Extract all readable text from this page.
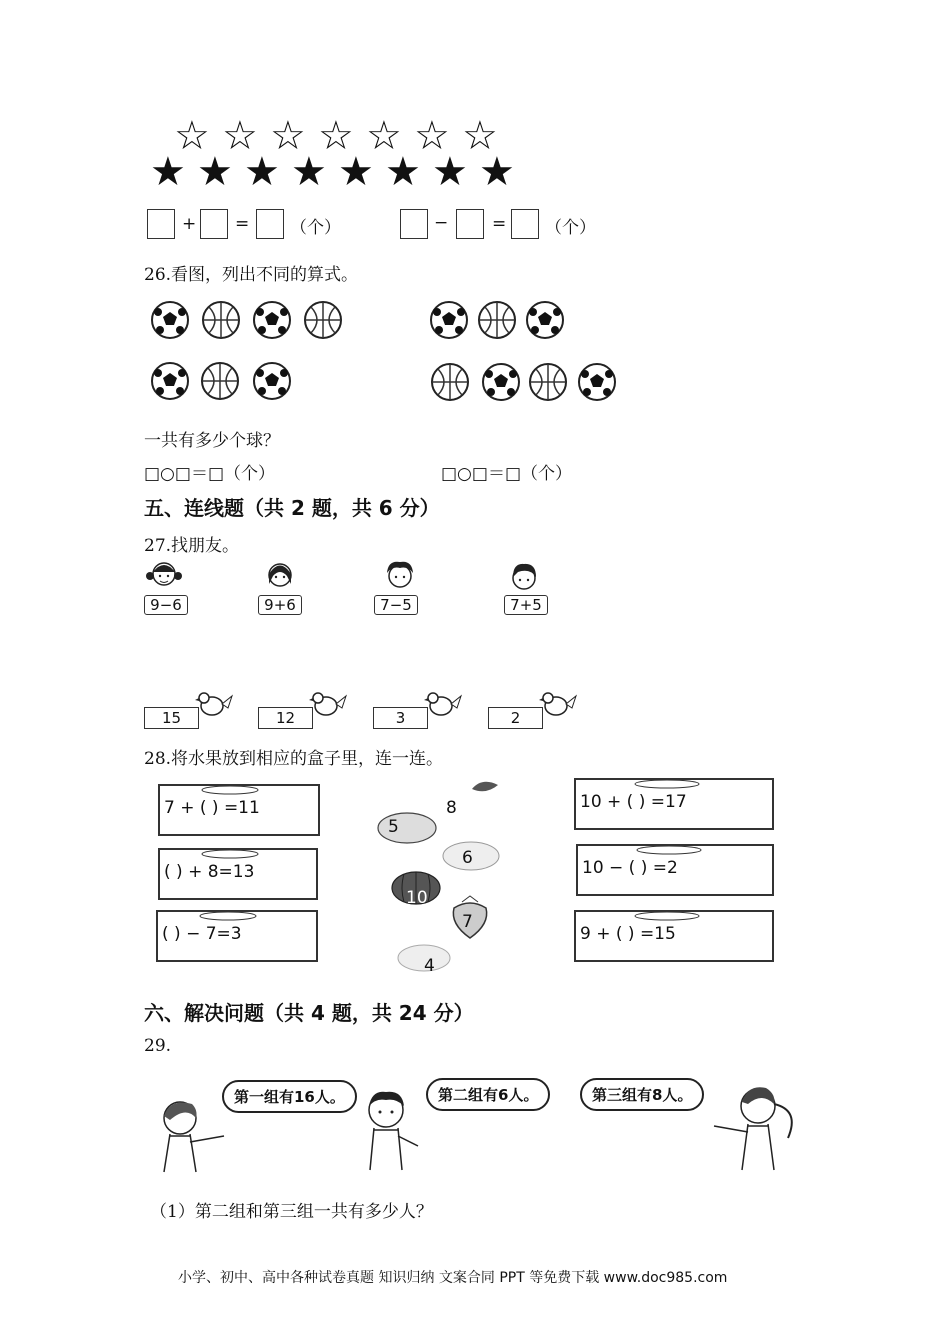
☆ ☆ ☆ ☆ ☆ ☆ ☆
★ ★ ★ ★ ★ ★ ★ ★
+ = （个）	−	= （个）
26.看图，列出不同的算式。
一共有多少个球？
□○□＝□（个）	□○□＝□（个）
五、连线题（共 2 题，共 6 分）
27.找朋友。
9−6	9+6	7−5	7+5
15	12	3	2
28.将水果放到相应的盒子里，连一连。
7 + ( ) =11
( ) + 8=13
( ) − 7=3
8
5
6
10
7
4
10 + ( ) =17
10 − ( ) =2
9 + ( ) =15
六、解决问题（共 4 题，共 24 分）
29.
第一组有16人。	第二组有6人。	第三组有8人。
（1）第二组和第三组一共有多少人？
小学、初中、高中各种试卷真题 知识归纳 文案合同 PPT 等免费下载 www.doc985.com
